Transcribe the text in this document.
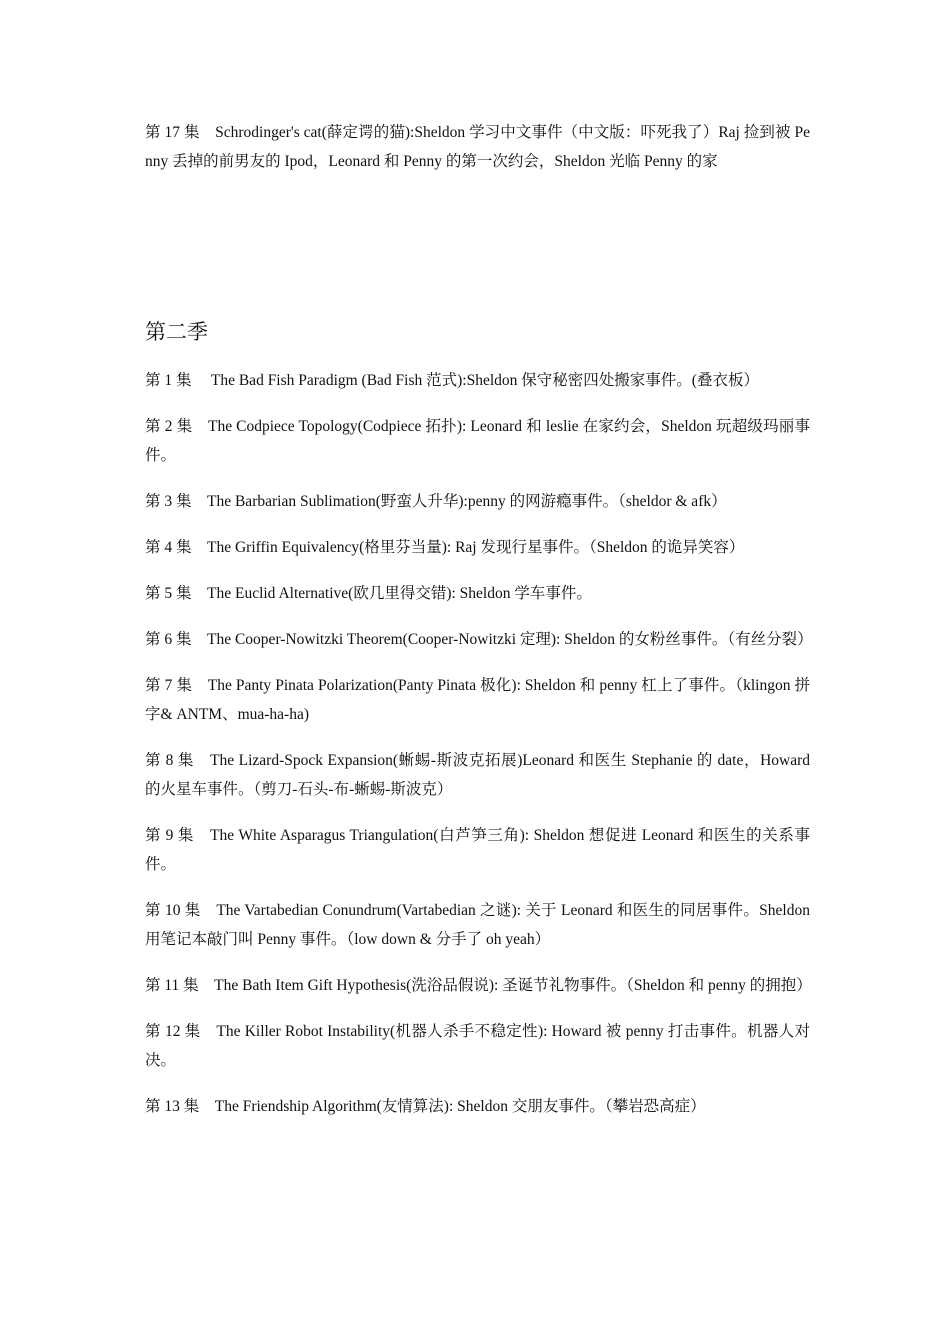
第 17 集　Schrodinger's cat(薛定谔的猫):Sheldon 学习中文事件（中文版：吓死我了）Raj 捡到被 Penny 丢掉的前男友的 Ipod，Leonard 和 Penny 的第一次约会，Sheldon 光临 Penny 的家

第二季
第 1 集　 The Bad Fish Paradigm (Bad Fish 范式):Sheldon 保守秘密四处搬家事件。(叠衣板）
第 2 集　The Codpiece Topology(Codpiece 拓扑): Leonard 和 leslie 在家约会，Sheldon 玩超级玛丽事件。
第 3 集　The Barbarian Sublimation(野蛮人升华):penny 的网游瘾事件。（sheldor & afk）
第 4 集　The Griffin Equivalency(格里芬当量): Raj 发现行星事件。（Sheldon 的诡异笑容）
第 5 集　The Euclid Alternative(欧几里得交错): Sheldon 学车事件。
第 6 集　The Cooper-Nowitzki Theorem(Cooper-Nowitzki 定理): Sheldon 的女粉丝事件。（有丝分裂）
第 7 集　The Panty Pinata Polarization(Panty Pinata 极化): Sheldon 和 penny 杠上了事件。（klingon 拼字& ANTM、mua-ha-ha)
第 8 集　The Lizard-Spock Expansion(蜥蜴-斯波克拓展)Leonard 和医生 Stephanie 的 date，Howard 的火星车事件。（剪刀-石头-布-蜥蜴-斯波克）
第 9 集　The White Asparagus Triangulation(白芦笋三角): Sheldon 想促进 Leonard 和医生的关系事件。
第 10 集　The Vartabedian Conundrum(Vartabedian 之谜): 关于 Leonard 和医生的同居事件。Sheldon 用笔记本敲门叫 Penny 事件。（low down & 分手了 oh yeah）
第 11 集　The Bath Item Gift Hypothesis(洗浴品假说): 圣诞节礼物事件。（Sheldon 和 penny 的拥抱）
第 12 集　The Killer Robot Instability(机器人杀手不稳定性): Howard 被 penny 打击事件。机器人对决。
第 13 集　The Friendship Algorithm(友情算法): Sheldon 交朋友事件。（攀岩恐高症）
